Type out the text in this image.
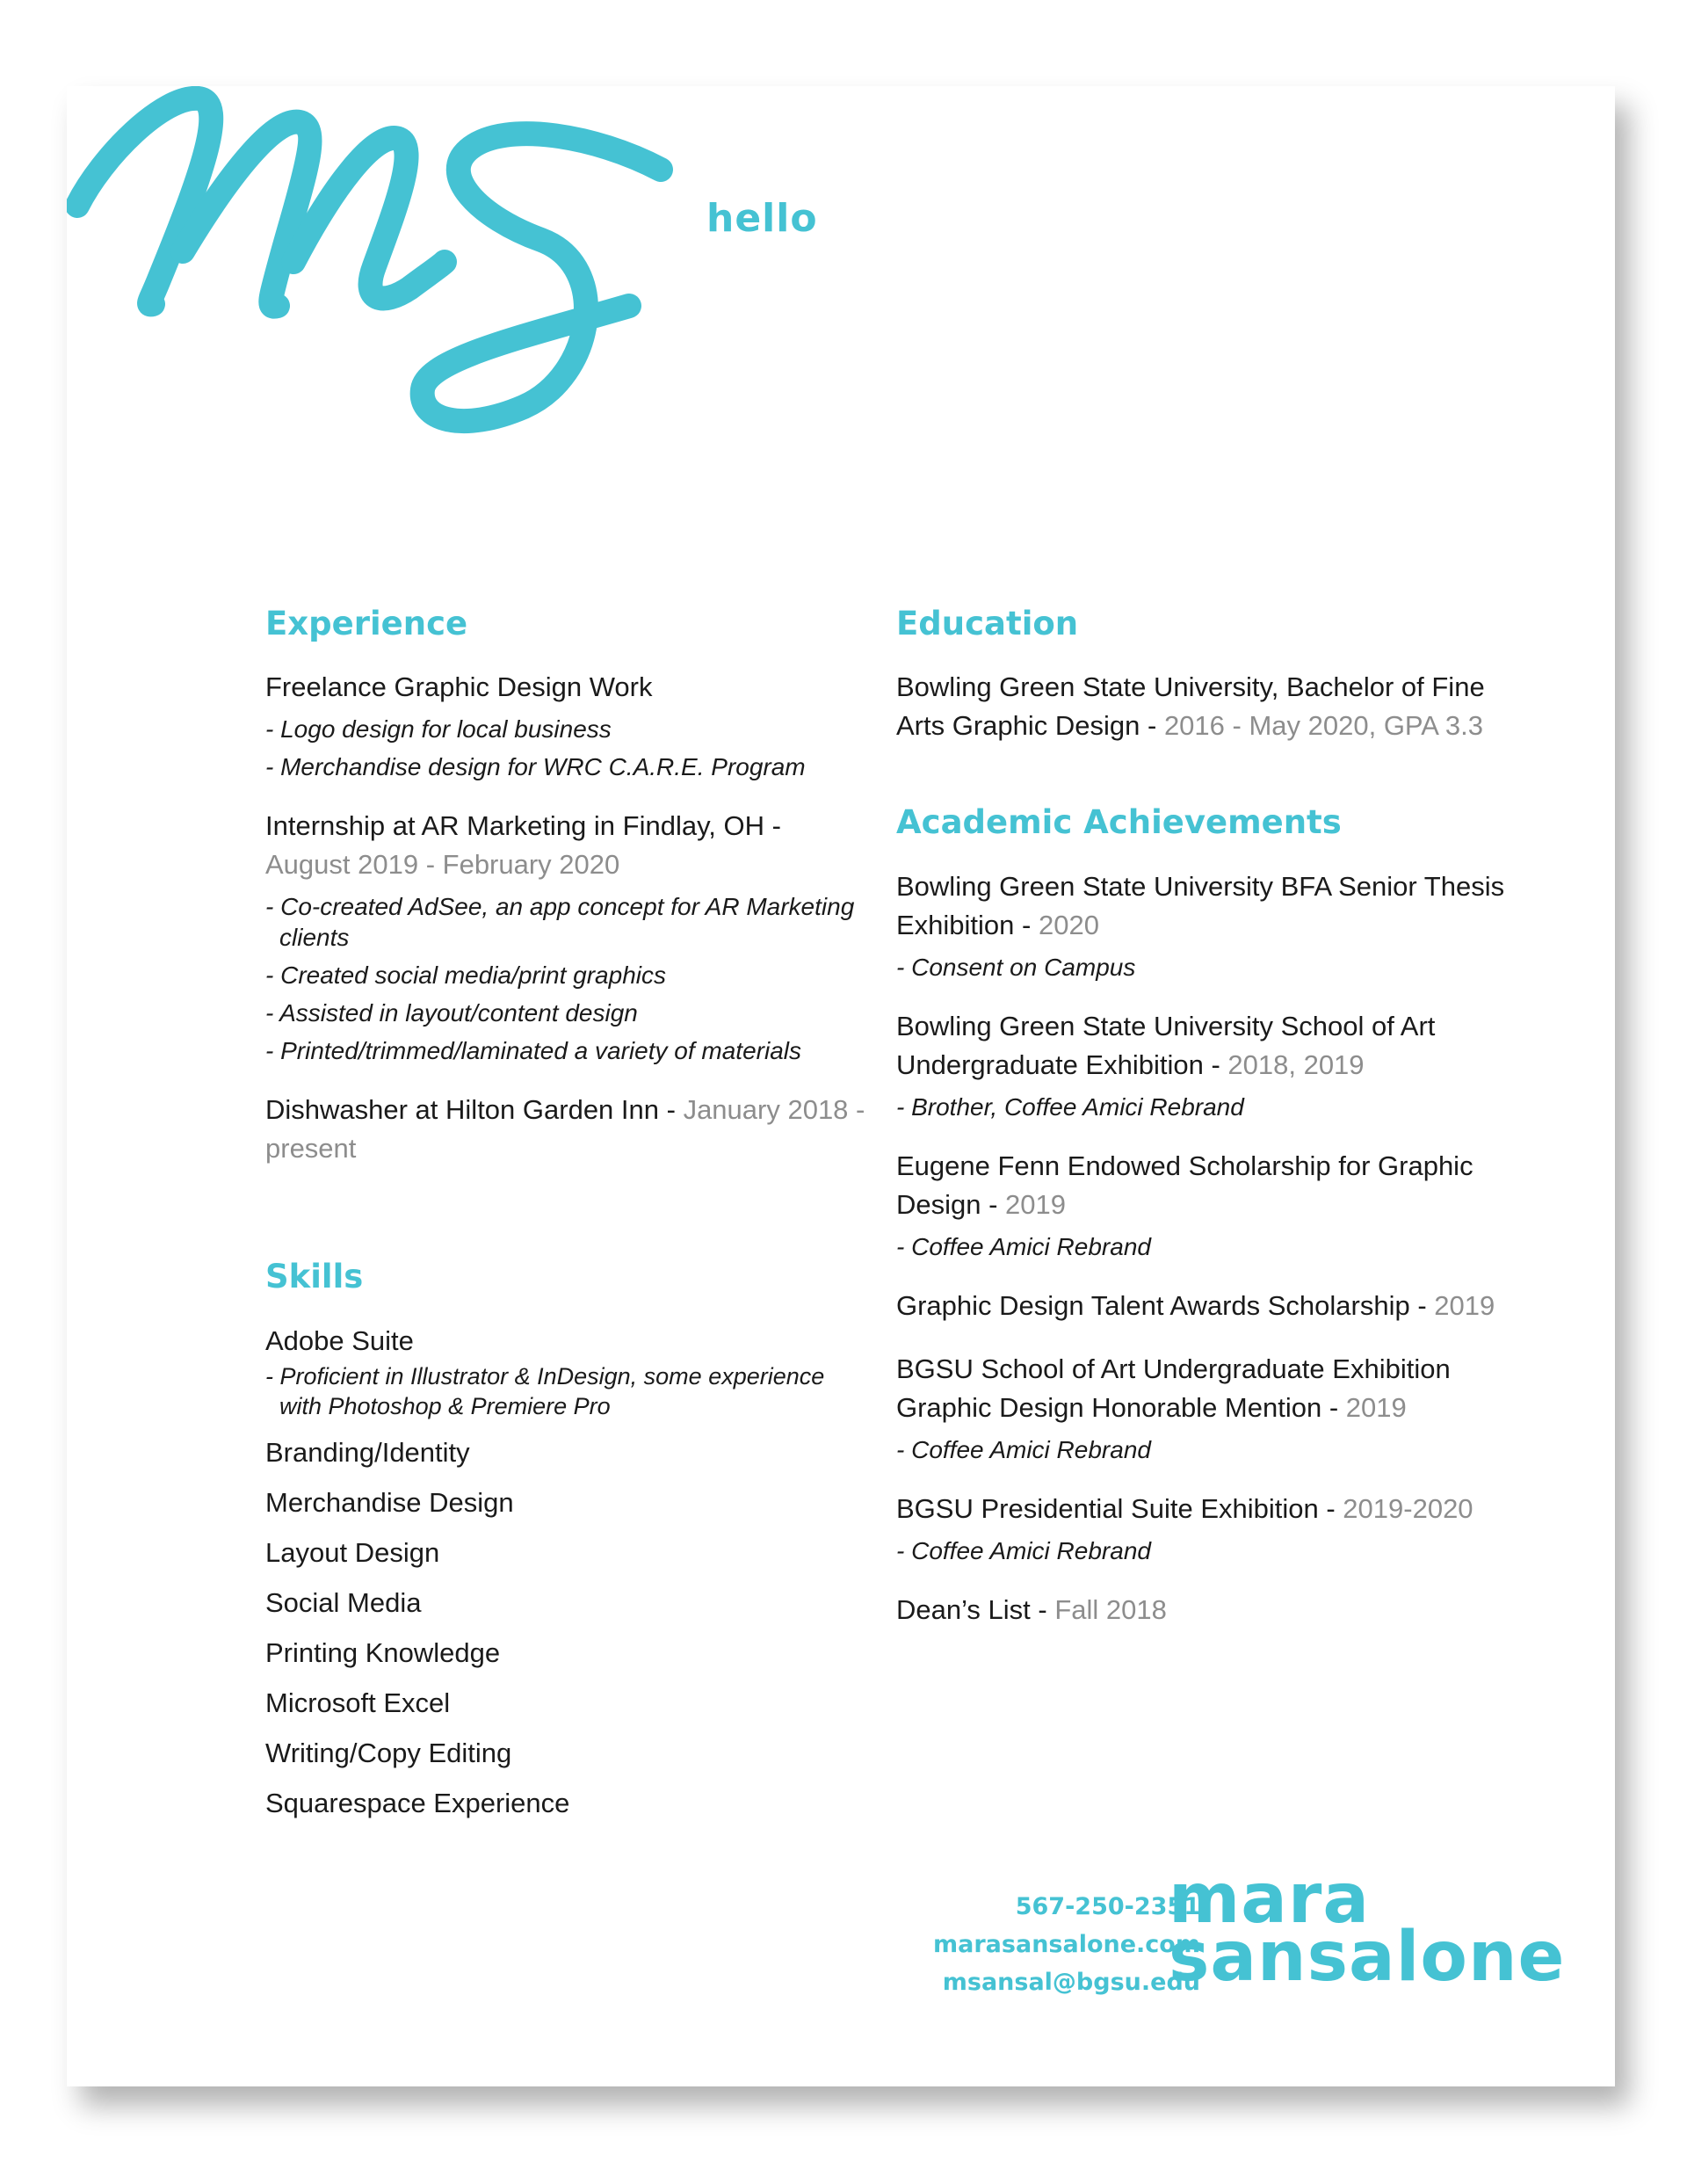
hello
Experience
Freelance Graphic Design Work
- Logo design for local business
- Merchandise design for WRC C.A.R.E. Program
Internship at AR Marketing in Findlay, OH - August 2019 - February 2020
- Co-created AdSee, an app concept for AR Marketing clients
- Created social media/print graphics
- Assisted in layout/content design
- Printed/trimmed/laminated a variety of materials
Dishwasher at Hilton Garden Inn - January 2018 - present
Skills
Adobe Suite
- Proficient in Illustrator & InDesign, some experience with Photoshop & Premiere Pro
Branding/Identity
Merchandise Design
Layout Design
Social Media
Printing Knowledge
Microsoft Excel
Writing/Copy Editing
Squarespace Experience
Education
Bowling Green State University, Bachelor of Fine Arts Graphic Design - 2016 - May 2020, GPA 3.3
Academic Achievements
Bowling Green State University BFA Senior Thesis Exhibition - 2020
- Consent on Campus
Bowling Green State University School of Art Undergraduate Exhibition - 2018, 2019
- Brother, Coffee Amici Rebrand
Eugene Fenn Endowed Scholarship for Graphic Design - 2019
- Coffee Amici Rebrand
Graphic Design Talent Awards Scholarship - 2019
BGSU School of Art Undergraduate Exhibition Graphic Design Honorable Mention - 2019
- Coffee Amici Rebrand
BGSU Presidential Suite Exhibition - 2019-2020
- Coffee Amici Rebrand
Dean’s List - Fall 2018
567-250-2351
marasansalone.com
msansal@bgsu.edu
mara
sansalone
